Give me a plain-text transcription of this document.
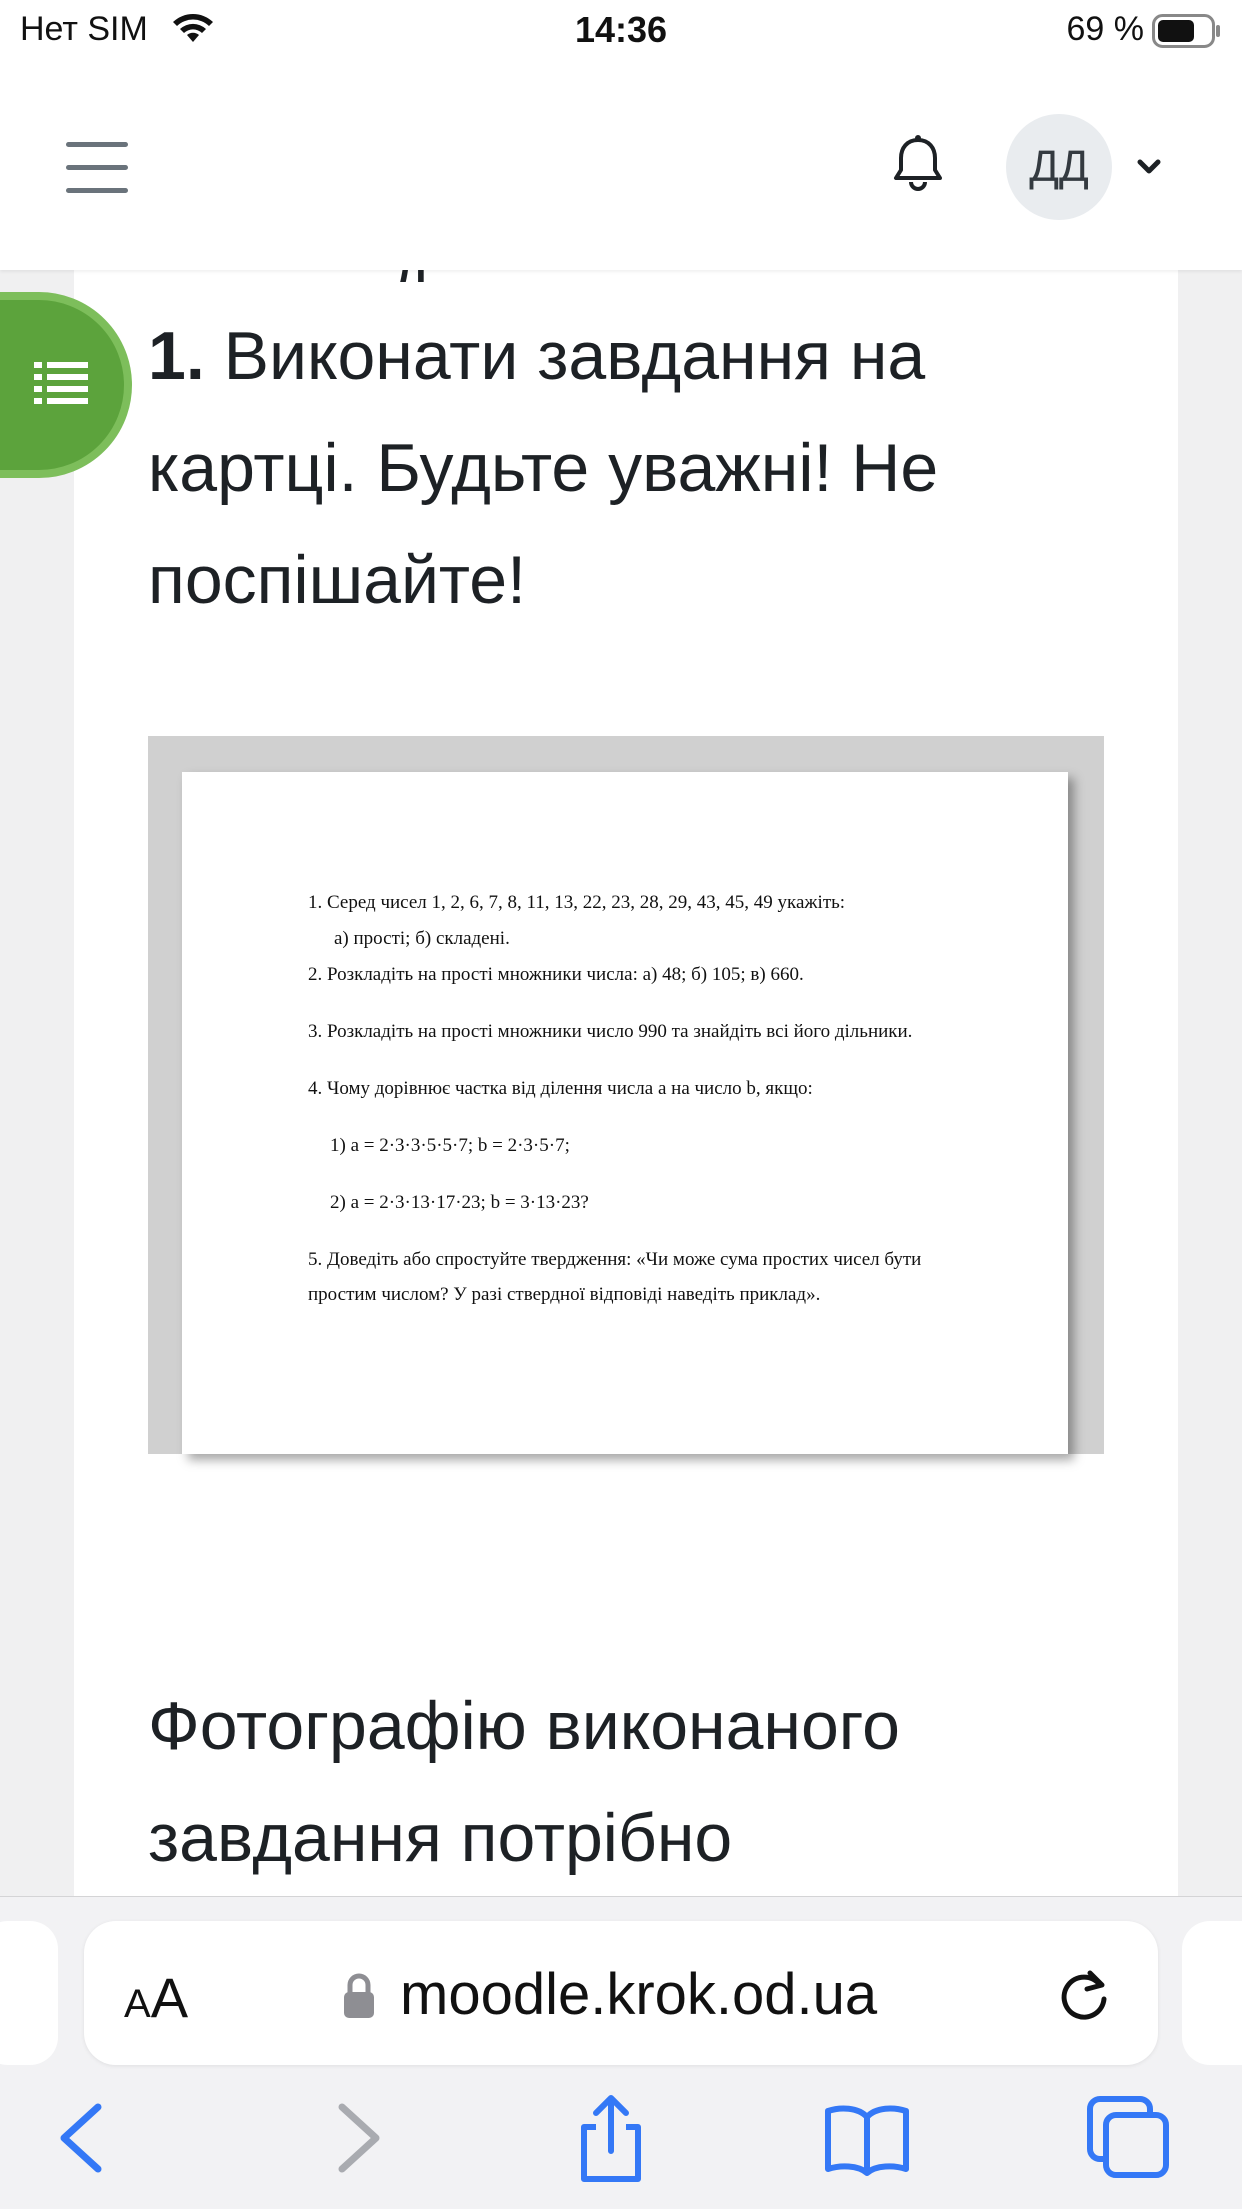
Нет SIM	14:36	69 %
ДД
1. Виконати завдання на картці. Будьте уважні! Не поспішайте!
1. Серед чисел 1, 2, 6, 7, 8, 11, 13, 22, 23, 28, 29, 43, 45, 49 укажіть:
а) прості; б) складені.
2. Розкладіть на прості множники числа: а) 48; б) 105; в) 660.
3. Розкладіть на прості множники число 990 та знайдіть всі його дільники.
4. Чому дорівнює частка від ділення числа a на число b, якщо:
1) a = 2·3·3·5·5·7; b = 2·3·5·7;
2) a = 2·3·13·17·23; b = 3·13·23?
5. Доведіть або спростуйте твердження: «Чи може сума простих чисел бути
простим числом? У разі ствердної відповіді наведіть приклад».
Фотографію виконаного завдання потрібно
AA	moodle.krok.od.ua
